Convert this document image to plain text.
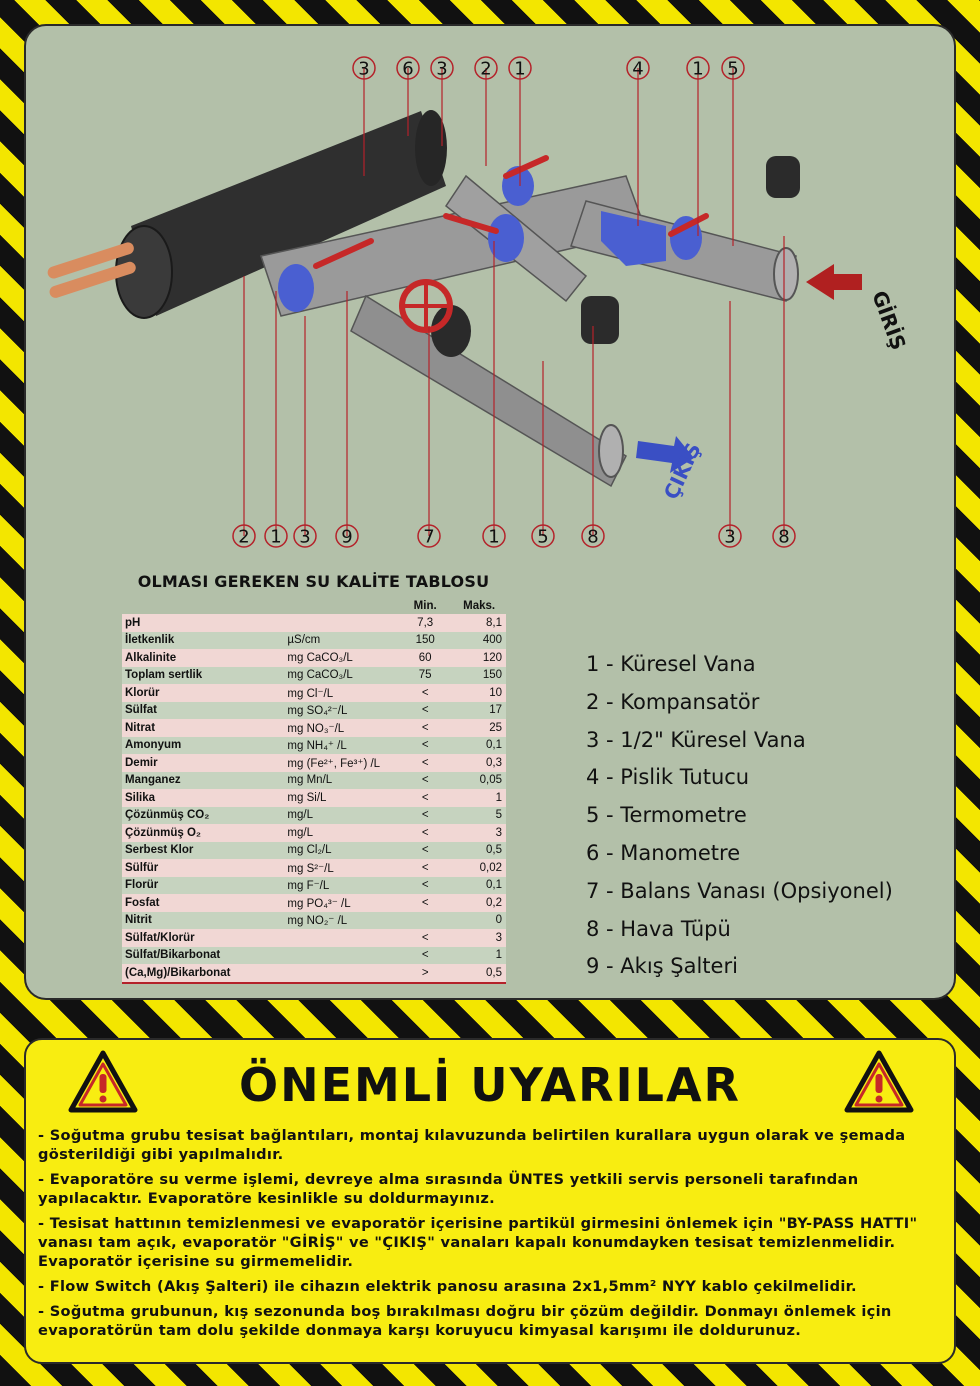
GİRİŞ
ÇIKIŞ
3 6 3 2 1	4	1 5
2 1 3 9	7	1 5 8	3 8
OLMASI GEREKEN SU KALİTE TABLOSU
		Min.	Maks.
pH		7,3	8,1
İletkenlik	µS/cm	150	400
Alkalinite	mg CaCO₃/L	60	120
Toplam sertlik	mg CaCO₃/L	75	150
Klorür	mg Cl⁻/L	<	10
Sülfat	mg SO₄²⁻/L	<	17
Nitrat	mg NO₃⁻/L	<	25
Amonyum	mg NH₄⁺ /L	<	0,1
Demir	mg (Fe²⁺, Fe³⁺) /L	<	0,3
Manganez	mg Mn/L	<	0,05
Silika	mg Si/L	<	1
Çözünmüş CO₂	mg/L	<	5
Çözünmüş O₂	mg/L	<	3
Serbest Klor	mg Cl₂/L	<	0,5
Sülfür	mg S²⁻/L	<	0,02
Florür	mg F⁻/L	<	0,1
Fosfat	mg PO₄³⁻ /L	<	0,2
Nitrit	mg NO₂⁻ /L		0
Sülfat/Klorür		<	3
Sülfat/Bikarbonat		<	1
(Ca,Mg)/Bikarbonat		>	0,5
1 - Küresel Vana
2 - Kompansatör
3 - 1/2" Küresel Vana
4 - Pislik Tutucu
5 - Termometre
6 - Manometre
7 - Balans Vanası (Opsiyonel)
8 - Hava Tüpü
9 - Akış Şalteri
ÖNEMLİ UYARILAR
- Soğutma grubu tesisat bağlantıları, montaj kılavuzunda belirtilen kurallara uygun olarak ve şemada gösterildiği gibi yapılmalıdır.
- Evaporatöre su verme işlemi, devreye alma sırasında ÜNTES yetkili servis personeli tarafından yapılacaktır. Evaporatöre kesinlikle su doldurmayınız.
- Tesisat hattının temizlenmesi ve evaporatör içerisine partikül girmesini önlemek için "BY-PASS HATTI" vanası tam açık, evaporatör "GİRİŞ" ve "ÇIKIŞ" vanaları kapalı konumdayken tesisat temizlenmelidir. Evaporatör içerisine su girmemelidir.
- Flow Switch (Akış Şalteri) ile cihazın elektrik panosu arasına 2x1,5mm² NYY kablo çekilmelidir.
- Soğutma grubunun, kış sezonunda boş bırakılması doğru bir çözüm değildir. Donmayı önlemek için evaporatörün tam dolu şekilde donmaya karşı koruyucu kimyasal karışımı ile doldurunuz.
